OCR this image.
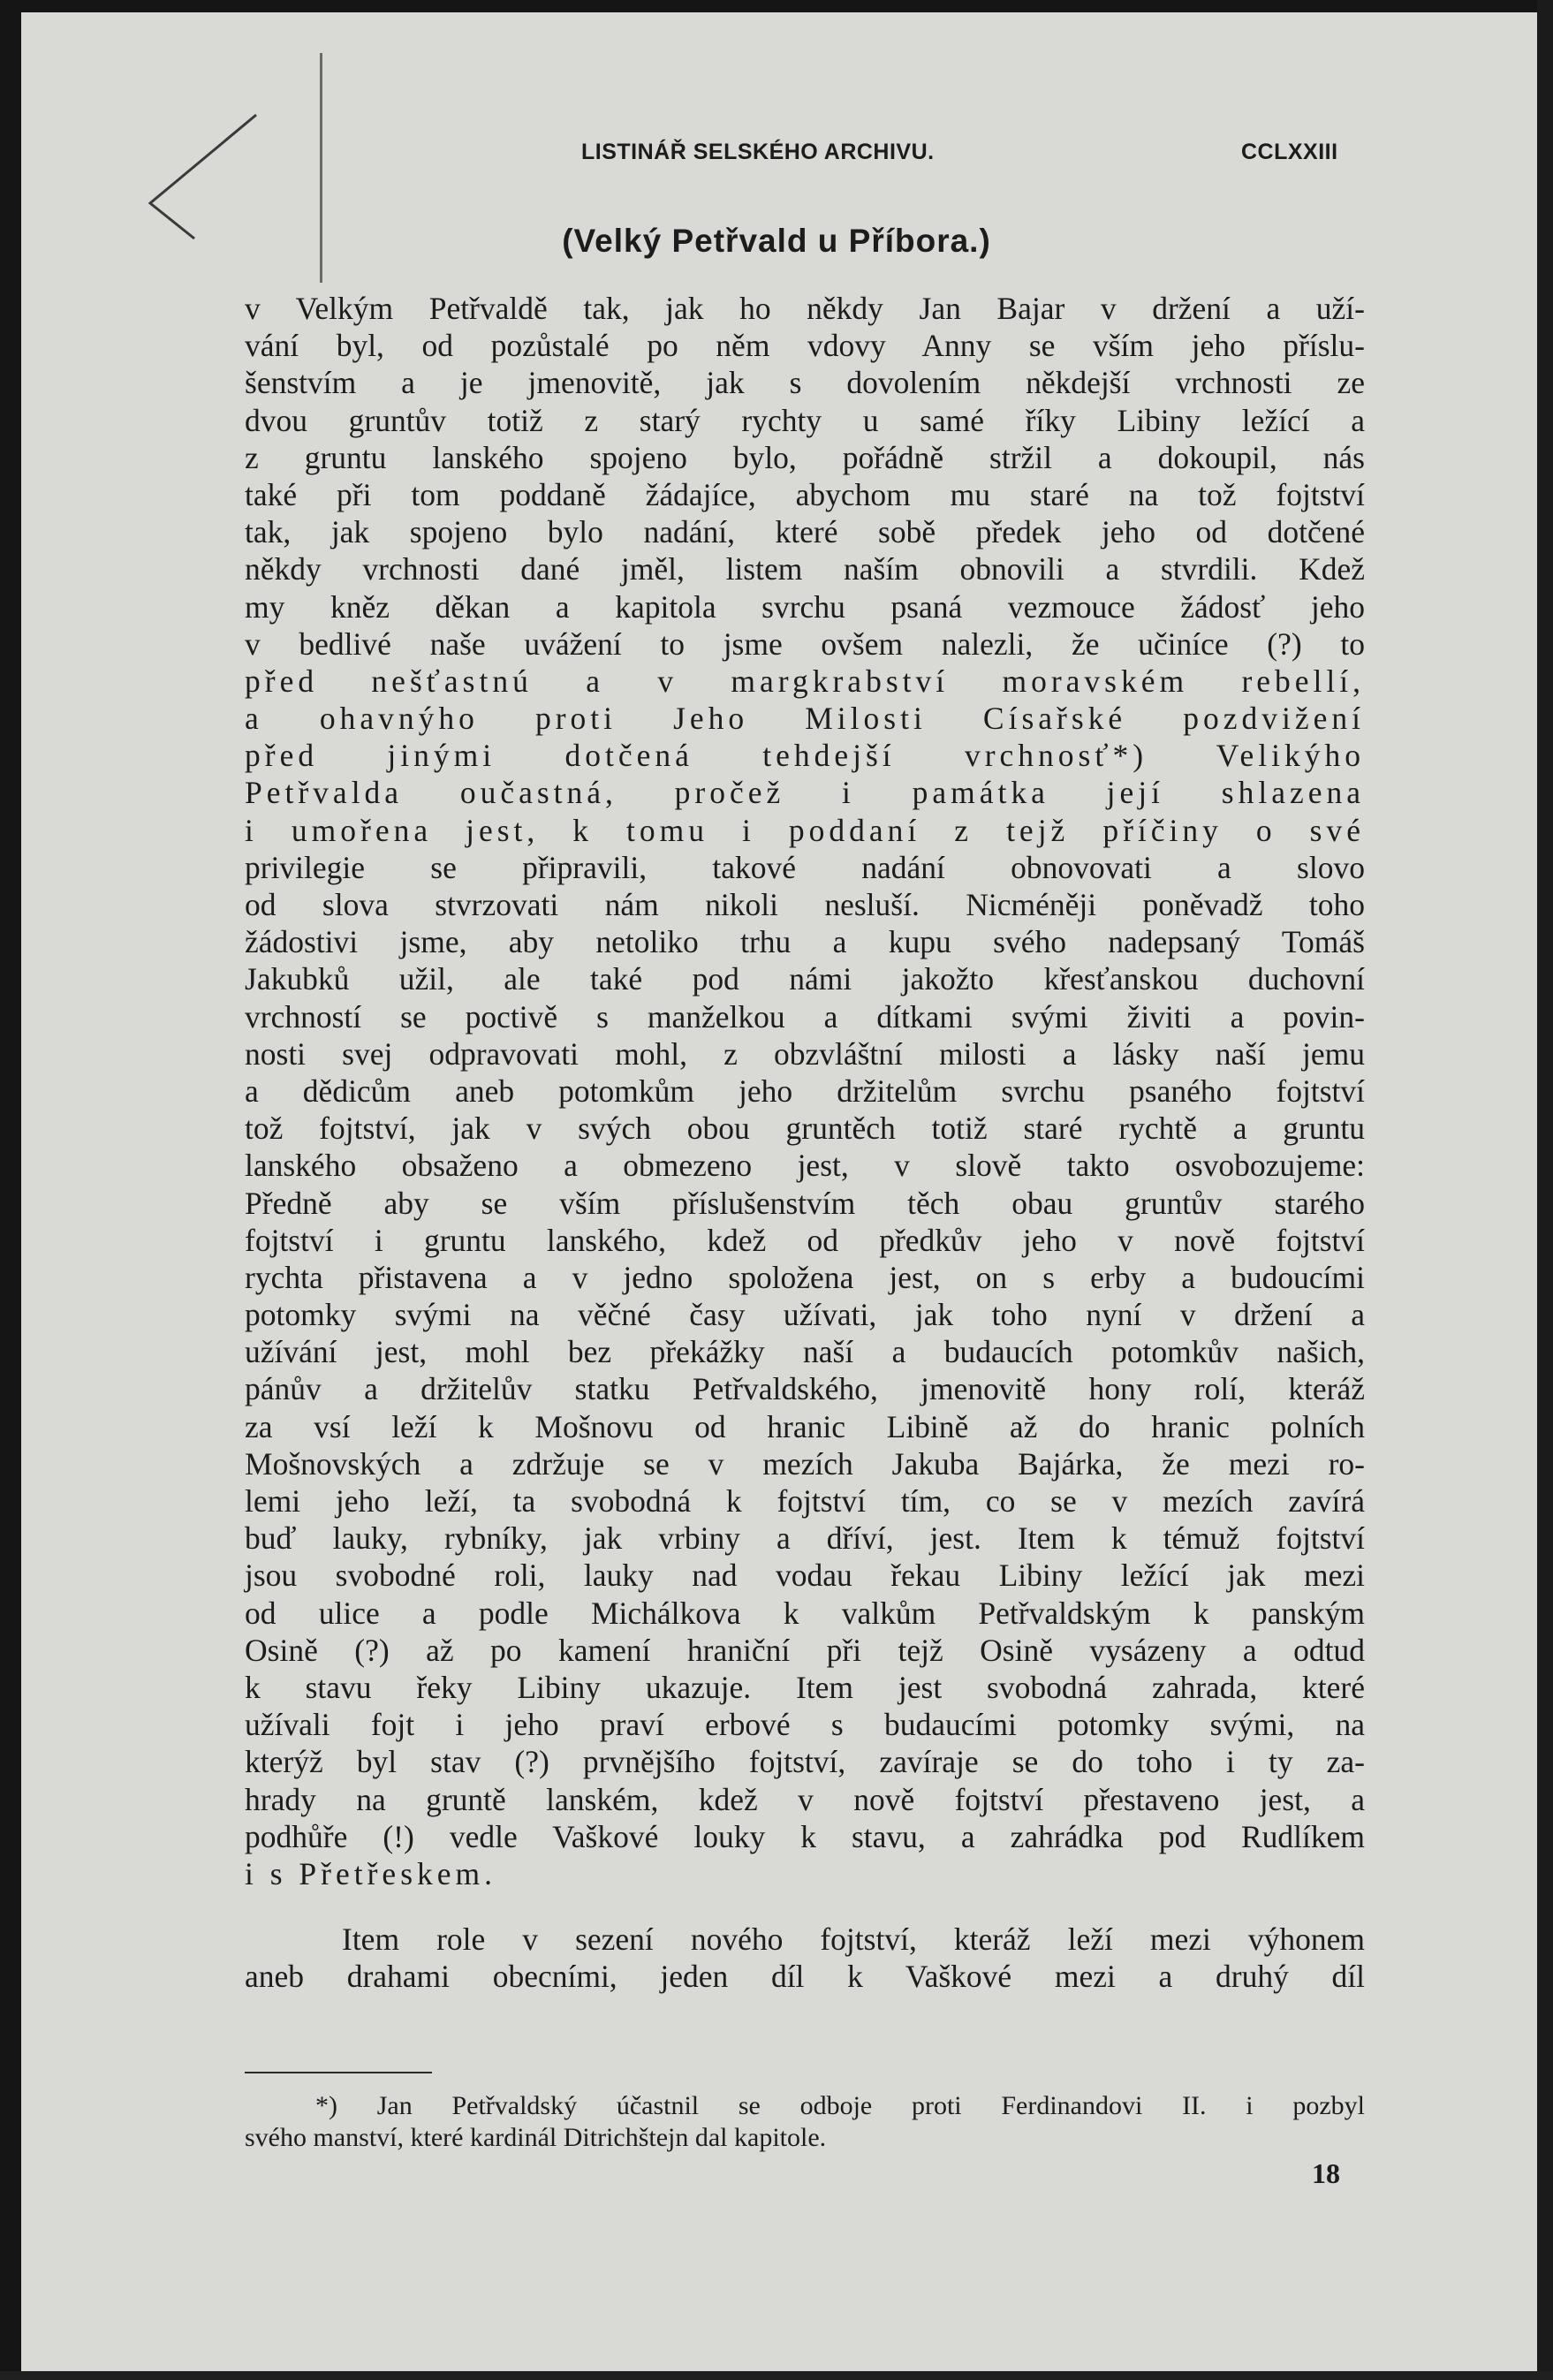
LISTINÁŘ SELSKÉHO ARCHIVU.	CCLXXIII
(Velký Petřvald u Příbora.)
v Velkým Petřvaldě tak, jak ho někdy Jan Bajar v držení a uží-
vání byl, od pozůstalé po něm vdovy Anny se vším jeho příslu-
šenstvím a je jmenovitě, jak s dovolením někdejší vrchnosti ze
dvou gruntův totiž z starý rychty u samé říky Libiny ležící a
z gruntu lanského spojeno bylo, pořádně stržil a dokoupil, nás
také při tom poddaně žádajíce, abychom mu staré na tož fojtství
tak, jak spojeno bylo nadání, které sobě předek jeho od dotčené
někdy vrchnosti dané jměl, listem naším obnovili a stvrdili. Kdež
my kněz děkan a kapitola svrchu psaná vezmouce žádosť jeho
v bedlivé naše uvážení to jsme ovšem nalezli, že učiníce (?) to
před nešťastnú a v margkrabství moravském rebellí,
a ohavnýho proti Jeho Milosti Císařské pozdvižení
před jinými dotčená tehdejší vrchnosť*) Velikýho
Petřvalda oučastná, pročež i památka její shlazena
i umořena jest, k tomu i poddaní z tejž příčiny o své
privilegie se připravili, takové nadání obnovovati a slovo
od slova stvrzovati nám nikoli nesluší. Nicméněji poněvadž toho
žádostivi jsme, aby netoliko trhu a kupu svého nadepsaný Tomáš
Jakubků užil, ale také pod námi jakožto křesťanskou duchovní
vrchností se poctivě s manželkou a dítkami svými živiti a povin-
nosti svej odpravovati mohl, z obzvláštní milosti a lásky naší jemu
a dědicům aneb potomkům jeho držitelům svrchu psaného fojtství
tož fojtství, jak v svých obou gruntěch totiž staré rychtě a gruntu
lanského obsaženo a obmezeno jest, v slově takto osvobozujeme:
Předně aby se vším příslušenstvím těch obau gruntův starého
fojtství i gruntu lanského, kdež od předkův jeho v nově fojtství
rychta přistavena a v jedno spoložena jest, on s erby a budoucími
potomky svými na věčné časy užívati, jak toho nyní v držení a
užívání jest, mohl bez překážky naší a budaucích potomkův našich,
pánův a držitelův statku Petřvaldského, jmenovitě hony rolí, kteráž
za vsí leží k Mošnovu od hranic Libině až do hranic polních
Mošnovských a zdržuje se v mezích Jakuba Bajárka, že mezi ro-
lemi jeho leží, ta svobodná k fojtství tím, co se v mezích zavírá
buď lauky, rybníky, jak vrbiny a dříví, jest. Item k témuž fojtství
jsou svobodné roli, lauky nad vodau řekau Libiny ležící jak mezi
od ulice a podle Michálkova k valkům Petřvaldským k panským
Osině (?) až po kamení hraniční při tejž Osině vysázeny a odtud
k stavu řeky Libiny ukazuje. Item jest svobodná zahrada, které
užívali fojt i jeho praví erbové s budaucími potomky svými, na
kterýž byl stav (?) prvnějšího fojtství, zavíraje se do toho i ty za-
hrady na gruntě lanském, kdež v nově fojtství přestaveno jest, a
podhůře (!) vedle Vaškové louky k stavu, a zahrádka pod Rudlíkem
i s Přetřeskem.
Item role v sezení nového fojtství, kteráž leží mezi výhonem
aneb drahami obecními, jeden díl k Vaškové mezi a druhý díl
*) Jan Petřvaldský účastnil se odboje proti Ferdinandovi II. i pozbyl
svého manství, které kardinál Ditrichštejn dal kapitole.
18
